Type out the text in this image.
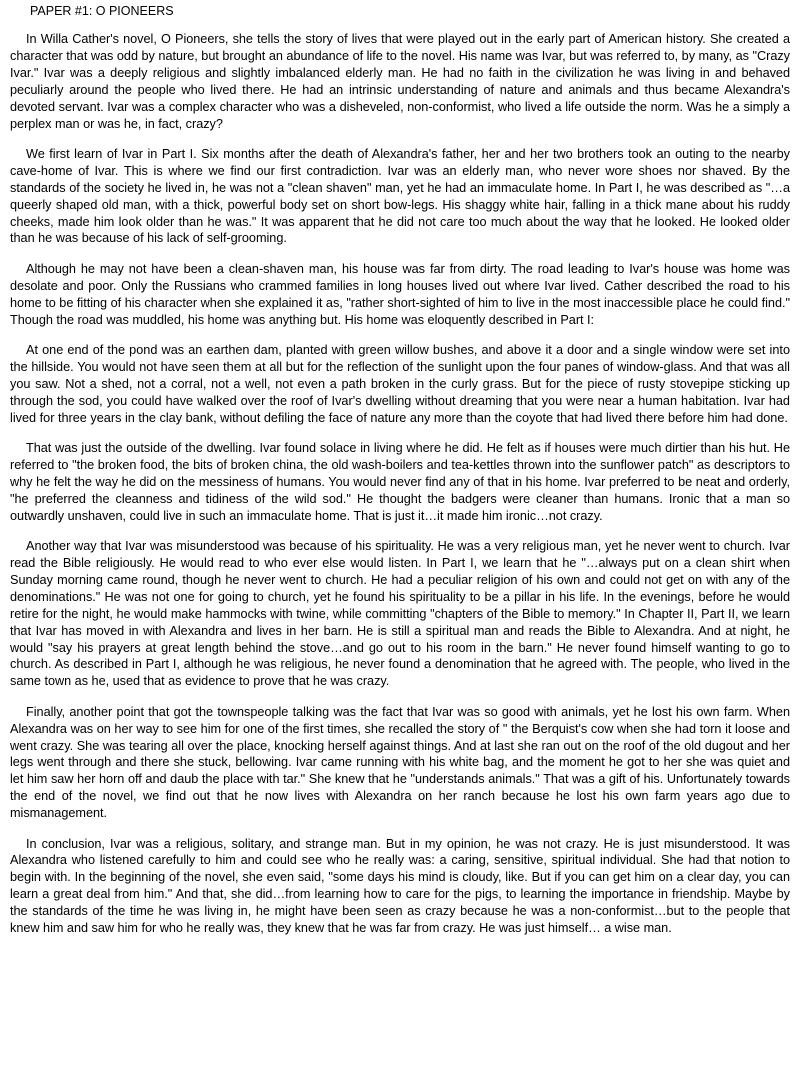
PAPER #1: O PIONEERS

In Willa Cather's novel, O Pioneers, she tells the story of lives that were played out in the early part of American history. She created a character that was odd by nature, but brought an abundance of life to the novel. His name was Ivar, but was referred to, by many, as "Crazy Ivar." Ivar was a deeply religious and slightly imbalanced elderly man. He had no faith in the civilization he was living in and behaved peculiarly around the people who lived there. He had an intrinsic understanding of nature and animals and thus became Alexandra's devoted servant. Ivar was a complex character who was a disheveled, non-conformist, who lived a life outside the norm. Was he a simply a perplex man or was he, in fact, crazy?

We first learn of Ivar in Part I. Six months after the death of Alexandra's father, her and her two brothers took an outing to the nearby cave-home of Ivar. This is where we find our first contradiction. Ivar was an elderly man, who never wore shoes nor shaved. By the standards of the society he lived in, he was not a "clean shaven" man, yet he had an immaculate home. In Part I, he was described as "…a queerly shaped old man, with a thick, powerful body set on short bow-legs. His shaggy white hair, falling in a thick mane about his ruddy cheeks, made him look older than he was." It was apparent that he did not care too much about the way that he looked. He looked older than he was because of his lack of self-grooming.

Although he may not have been a clean-shaven man, his house was far from dirty. The road leading to Ivar's house was home was desolate and poor. Only the Russians who crammed families in long houses lived out where Ivar lived. Cather described the road to his home to be fitting of his character when she explained it as, "rather short-sighted of him to live in the most inaccessible place he could find." Though the road was muddled, his home was anything but. His home was eloquently described in Part I:

At one end of the pond was an earthen dam, planted with green willow bushes, and above it a door and a single window were set into the hillside. You would not have seen them at all but for the reflection of the sunlight upon the four panes of window-glass. And that was all you saw. Not a shed, not a corral, not a well, not even a path broken in the curly grass. But for the piece of rusty stovepipe sticking up through the sod, you could have walked over the roof of Ivar's dwelling without dreaming that you were near a human habitation. Ivar had lived for three years in the clay bank, without defiling the face of nature any more than the coyote that had lived there before him had done.

That was just the outside of the dwelling. Ivar found solace in living where he did. He felt as if houses were much dirtier than his hut. He referred to "the broken food, the bits of broken china, the old wash-boilers and tea-kettles thrown into the sunflower patch" as descriptors to why he felt the way he did on the messiness of humans. You would never find any of that in his home. Ivar preferred to be neat and orderly, "he preferred the cleanness and tidiness of the wild sod." He thought the badgers were cleaner than humans. Ironic that a man so outwardly unshaven, could live in such an immaculate home. That is just it…it made him ironic…not crazy.

Another way that Ivar was misunderstood was because of his spirituality. He was a very religious man, yet he never went to church. Ivar read the Bible religiously. He would read to who ever else would listen. In Part I, we learn that he "…always put on a clean shirt when Sunday morning came round, though he never went to church. He had a peculiar religion of his own and could not get on with any of the denominations." He was not one for going to church, yet he found his spirituality to be a pillar in his life. In the evenings, before he would retire for the night, he would make hammocks with twine, while committing "chapters of the Bible to memory." In Chapter II, Part II, we learn that Ivar has moved in with Alexandra and lives in her barn. He is still a spiritual man and reads the Bible to Alexandra. And at night, he would "say his prayers at great length behind the stove…and go out to his room in the barn." He never found himself wanting to go to church. As described in Part I, although he was religious, he never found a denomination that he agreed with. The people, who lived in the same town as he, used that as evidence to prove that he was crazy.

Finally, another point that got the townspeople talking was the fact that Ivar was so good with animals, yet he lost his own farm. When Alexandra was on her way to see him for one of the first times, she recalled the story of " the Berquist's cow when she had torn it loose and went crazy. She was tearing all over the place, knocking herself against things. And at last she ran out on the roof of the old dugout and her legs went through and there she stuck, bellowing. Ivar came running with his white bag, and the moment he got to her she was quiet and let him saw her horn off and daub the place with tar." She knew that he "understands animals." That was a gift of his. Unfortunately towards the end of the novel, we find out that he now lives with Alexandra on her ranch because he lost his own farm years ago due to mismanagement.

In conclusion, Ivar was a religious, solitary, and strange man. But in my opinion, he was not crazy. He is just misunderstood. It was Alexandra who listened carefully to him and could see who he really was: a caring, sensitive, spiritual individual. She had that notion to begin with. In the beginning of the novel, she even said, "some days his mind is cloudy, like. But if you can get him on a clear day, you can learn a great deal from him." And that, she did…from learning how to care for the pigs, to learning the importance in friendship. Maybe by the standards of the time he was living in, he might have been seen as crazy because he was a non-conformist…but to the people that knew him and saw him for who he really was, they knew that he was far from crazy. He was just himself… a wise man.
